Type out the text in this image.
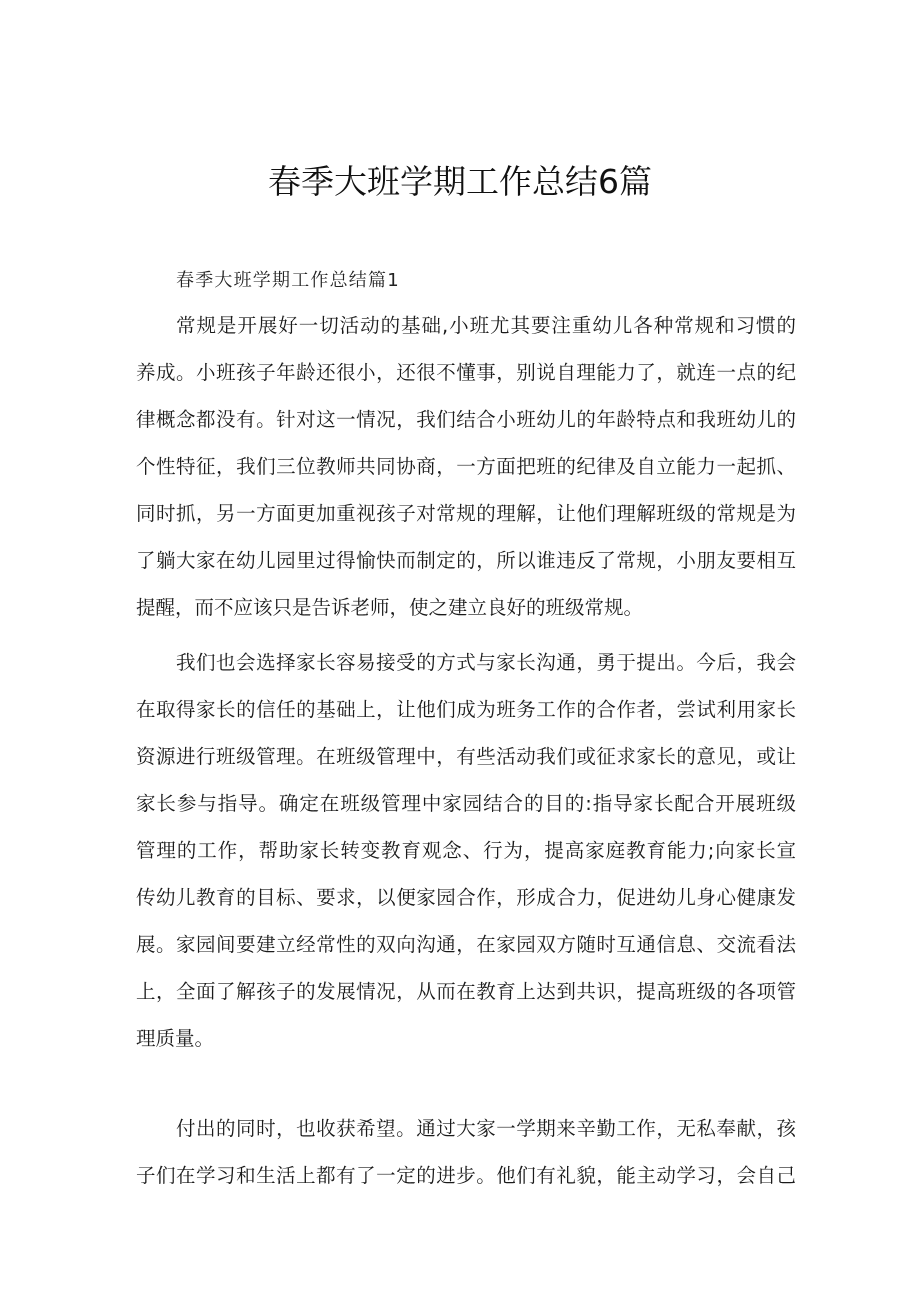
春季大班学期工作总结6篇
春季大班学期工作总结篇1
常规是开展好一切活动的基础,小班尤其要注重幼儿各种常规和习惯的
养成。小班孩子年龄还很小，还很不懂事，别说自理能力了，就连一点的纪
律概念都没有。针对这一情况，我们结合小班幼儿的年龄特点和我班幼儿的
个性特征，我们三位教师共同协商，一方面把班的纪律及自立能力一起抓、
同时抓，另一方面更加重视孩子对常规的理解，让他们理解班级的常规是为
了躺大家在幼儿园里过得愉快而制定的，所以谁违反了常规，小朋友要相互
提醒，而不应该只是告诉老师，使之建立良好的班级常规。
我们也会选择家长容易接受的方式与家长沟通，勇于提出。今后，我会
在取得家长的信任的基础上，让他们成为班务工作的合作者，尝试利用家长
资源进行班级管理。在班级管理中，有些活动我们或征求家长的意见，或让
家长参与指导。确定在班级管理中家园结合的目的:指导家长配合开展班级
管理的工作，帮助家长转变教育观念、行为，提高家庭教育能力;向家长宣
传幼儿教育的目标、要求，以便家园合作，形成合力，促进幼儿身心健康发
展。家园间要建立经常性的双向沟通，在家园双方随时互通信息、交流看法
上，全面了解孩子的发展情况，从而在教育上达到共识，提高班级的各项管
理质量。
付出的同时，也收获希望。通过大家一学期来辛勤工作，无私奉献，孩
子们在学习和生活上都有了一定的进步。他们有礼貌，能主动学习，会自己
